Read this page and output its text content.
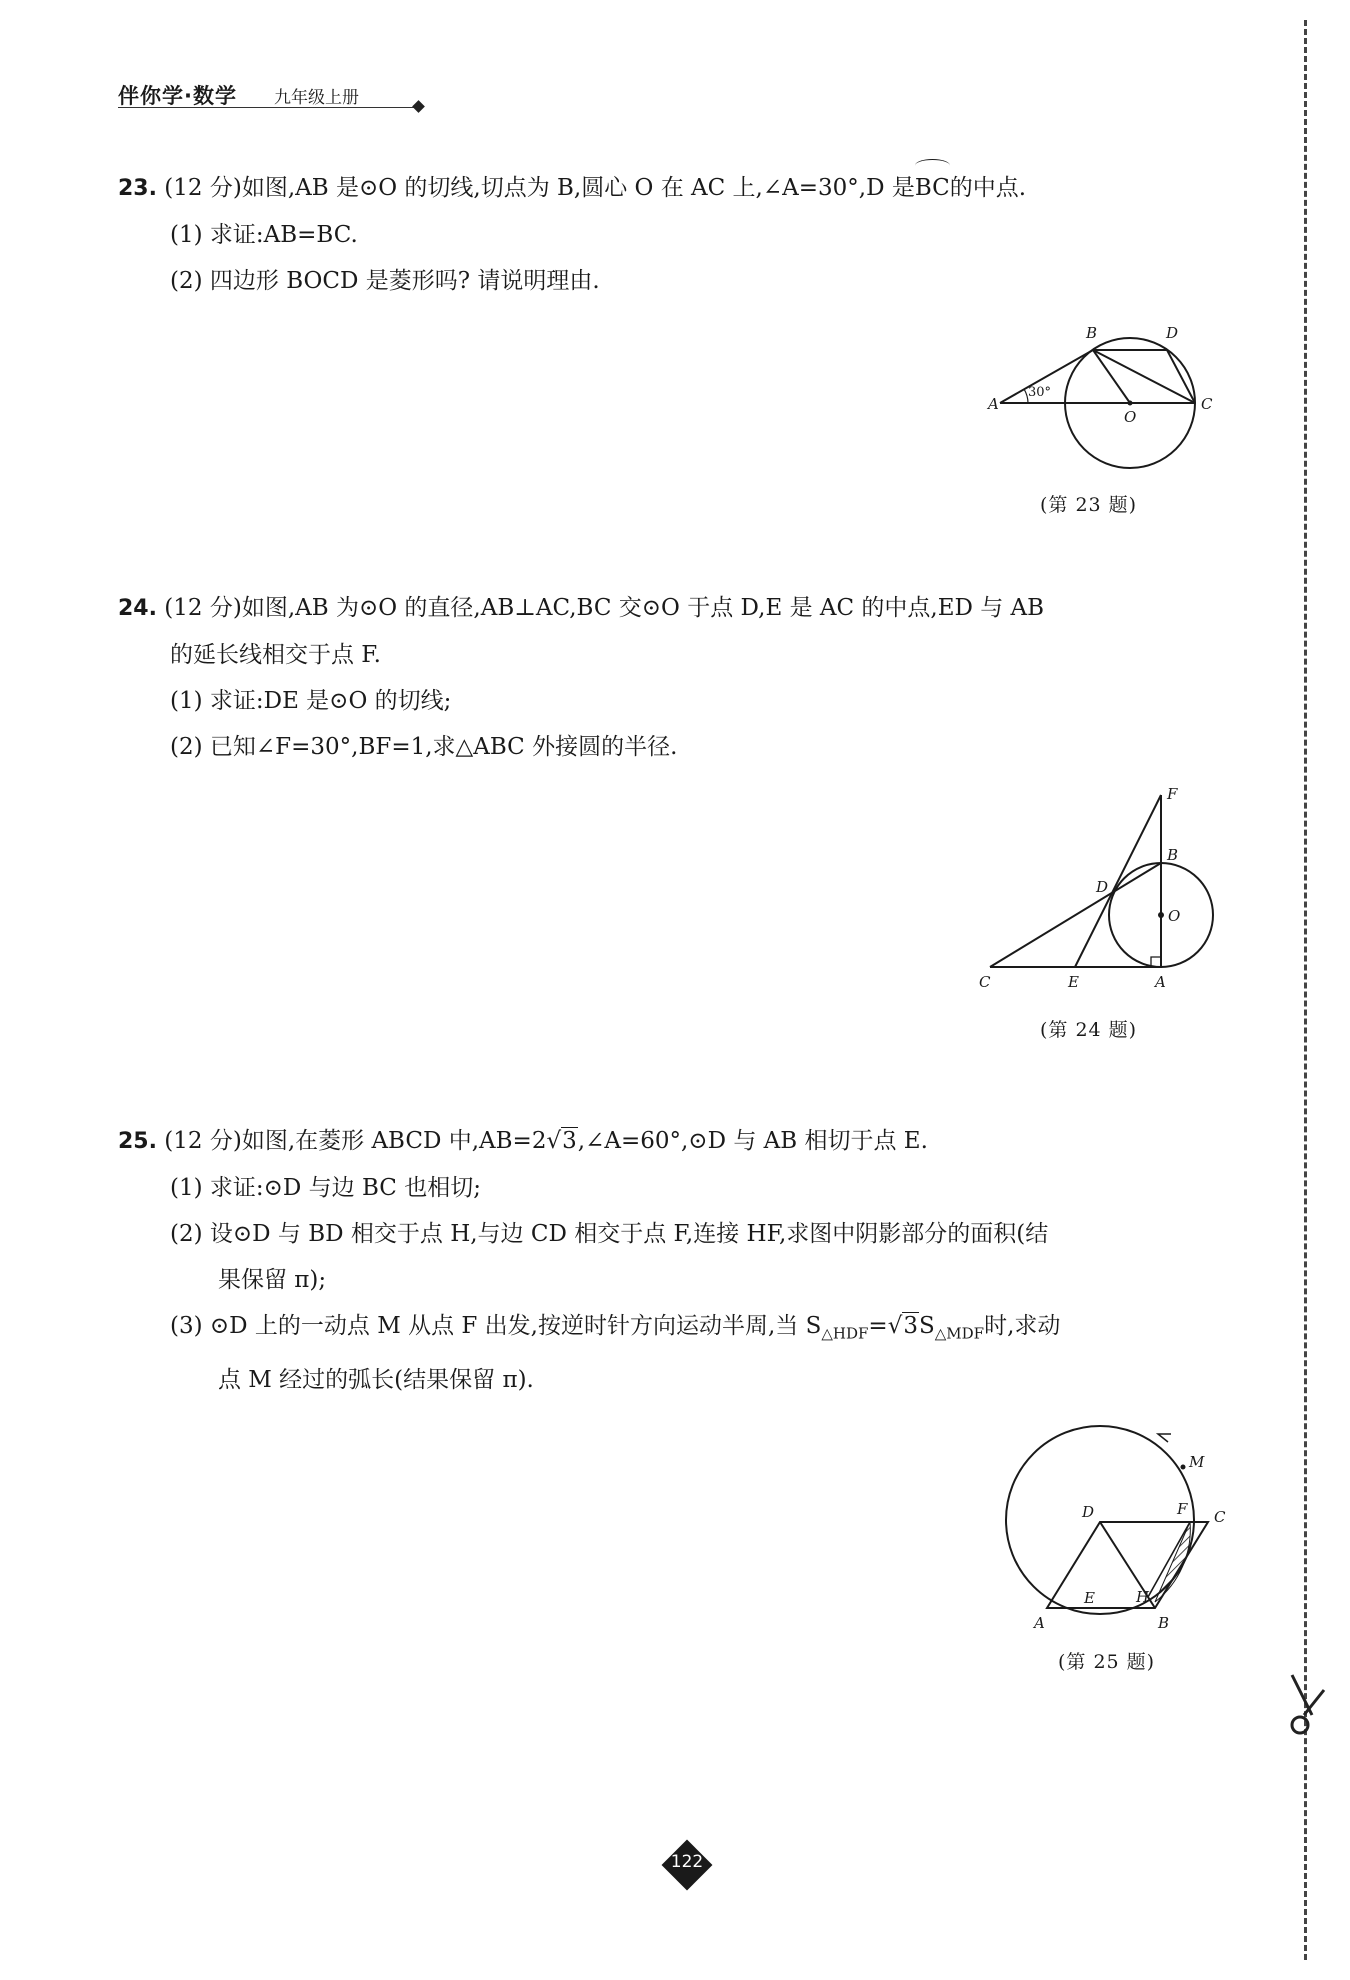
伴你学·数学 九年级上册
23. (12 分)如图,AB 是⊙O 的切线,切点为 B,圆心 O 在 AC 上,∠A=30°,D 是BC的中点.
(1) 求证:AB=BC.
(2) 四边形 BOCD 是菱形吗? 请说明理由.
A
B	D
C
O
30°
(第 23 题)
24. (12 分)如图,AB 为⊙O 的直径,AB⊥AC,BC 交⊙O 于点 D,E 是 AC 的中点,ED 与 AB
的延长线相交于点 F.
(1) 求证:DE 是⊙O 的切线;
(2) 已知∠F=30°,BF=1,求△ABC 外接圆的半径.
F
B
D
O
C	E	A
(第 24 题)
25. (12 分)如图,在菱形 ABCD 中,AB=2√3,∠A=60°,⊙D 与 AB 相切于点 E.
(1) 求证:⊙D 与边 BC 也相切;
(2) 设⊙D 与 BD 相交于点 H,与边 CD 相交于点 F,连接 HF,求图中阴影部分的面积(结
果保留 π);
(3) ⊙D 上的一动点 M 从点 F 出发,按逆时针方向运动半周,当 $S_{\triangle HDF}=√3S_{\triangle MDF}$时,求动
点 M 经过的弧长(结果保留 π).
M
D	F C
E	H
A	B
(第 25 题)
122
